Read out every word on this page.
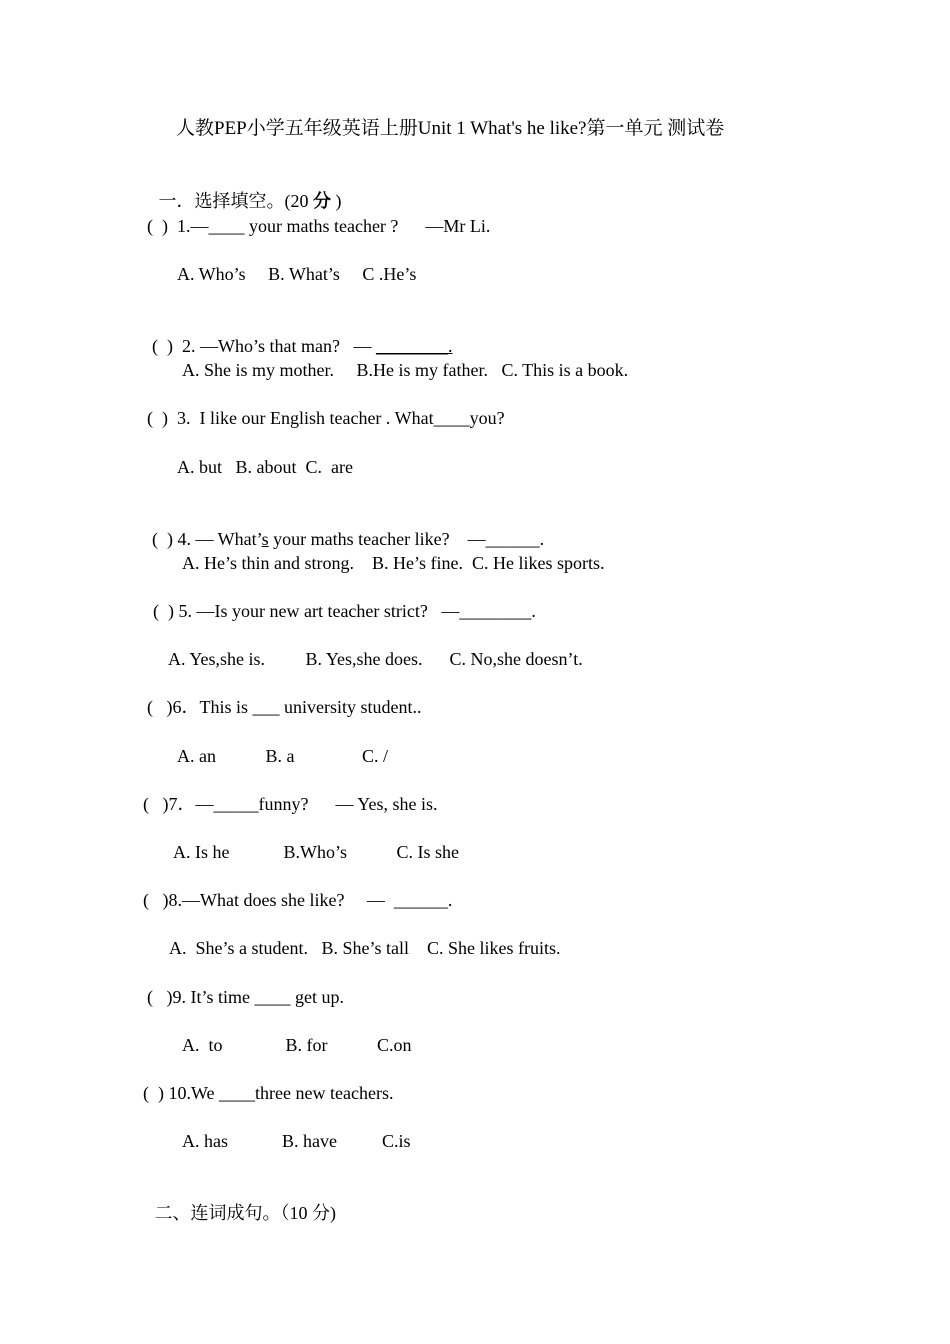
人教PEP小学五年级英语上册Unit 1 What's he like?第一单元 测试卷

一．选择填空。(20 分 )

(  )  1.—____ your maths teacher ?      —Mr Li.
A. Who’s     B. What’s     C .He’s

(  )  2. —Who’s that man?   — ________.

A. She is my mother.     B.He is my father.   C. This is a book.
(  )  3.  I like our English teacher . What____you?
A. but   B. about  C.  are

(  ) 4. — What’s your maths teacher like?    —______.

A. He’s thin and strong.    B. He’s fine.  C. He likes sports.
(  ) 5. —Is your new art teacher strict?   —________.
A. Yes,she is.         B. Yes,she does.      C. No,she doesn’t.
(   )6．This is ___ university student..
A. an           B. a               C. /
(   )7．—_____funny?      — Yes, she is.
A. Is he            B.Who’s           C. Is she
(   )8.—What does she like?     —  ______.
A.  She’s a student.   B. She’s tall    C. She likes fruits.
(   )9. It’s time ____ get up.
A.  to              B. for           C.on
(  ) 10.We ____three new teachers.
A. has            B. have          C.is

二、连词成句。（10 分)
